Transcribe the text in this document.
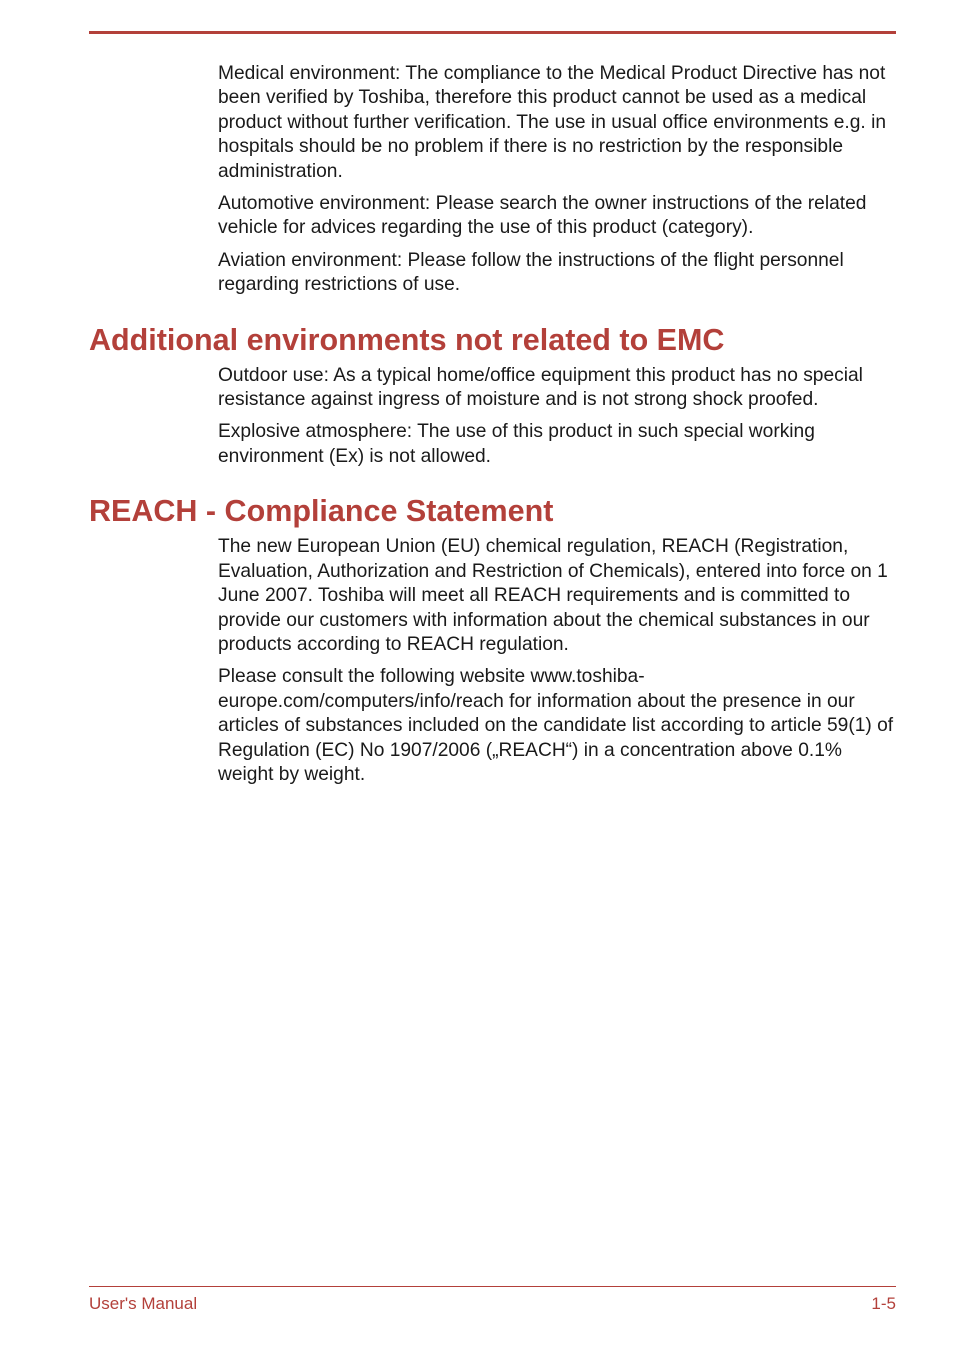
Medical environment: The compliance to the Medical Product Directive has not been verified by Toshiba, therefore this product cannot be used as a medical product without further verification. The use in usual office environments e.g. in hospitals should be no problem if there is no restriction by the responsible administration.

Automotive environment: Please search the owner instructions of the related vehicle for advices regarding the use of this product (category).

Aviation environment: Please follow the instructions of the flight personnel regarding restrictions of use.

Additional environments not related to EMC

Outdoor use: As a typical home/office equipment this product has no special resistance against ingress of moisture and is not strong shock proofed.

Explosive atmosphere: The use of this product in such special working environment (Ex) is not allowed.

REACH - Compliance Statement

The new European Union (EU) chemical regulation, REACH (Registration, Evaluation, Authorization and Restriction of Chemicals), entered into force on 1 June 2007. Toshiba will meet all REACH requirements and is committed to provide our customers with information about the chemical substances in our products according to REACH regulation.

Please consult the following website www.toshiba-europe.com/computers/info/reach for information about the presence in our articles of substances included on the candidate list according to article 59(1) of Regulation (EC) No 1907/2006 („REACH“) in a concentration above 0.1% weight by weight.

User's Manual	1-5
